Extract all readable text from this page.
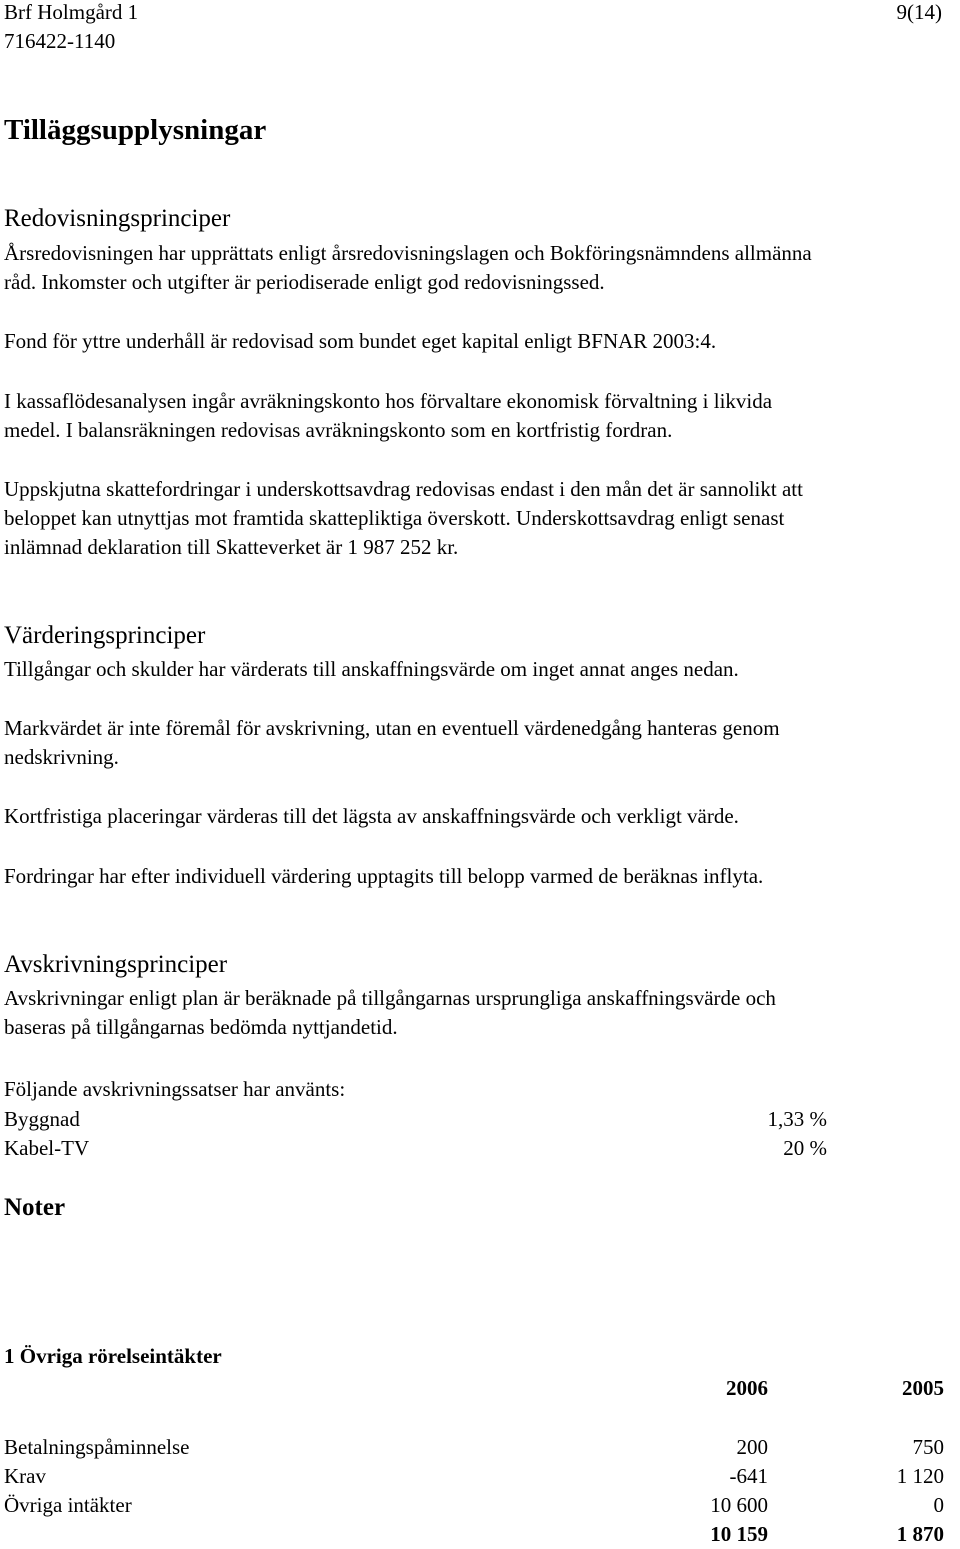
Brf Holmgård 1
716422-1140
9(14)
Tilläggsupplysningar
Redovisningsprinciper
Årsredovisningen har upprättats enligt årsredovisningslagen och Bokföringsnämndens allmänna
råd. Inkomster och utgifter är periodiserade enligt god redovisningssed.
Fond för yttre underhåll är redovisad som bundet eget kapital enligt BFNAR 2003:4.
I kassaflödesanalysen ingår avräkningskonto hos förvaltare ekonomisk förvaltning i likvida
medel. I balansräkningen redovisas avräkningskonto som en kortfristig fordran.
Uppskjutna skattefordringar i underskottsavdrag redovisas endast i den mån det är sannolikt att
beloppet kan utnyttjas mot framtida skattepliktiga överskott. Underskottsavdrag enligt senast
inlämnad deklaration till Skatteverket är 1 987 252 kr.
Värderingsprinciper
Tillgångar och skulder har värderats till anskaffningsvärde om inget annat anges nedan.
Markvärdet är inte föremål för avskrivning, utan en eventuell värdenedgång hanteras genom
nedskrivning.
Kortfristiga placeringar värderas till det lägsta av anskaffningsvärde och verkligt värde.
Fordringar har efter individuell värdering upptagits till belopp varmed de beräknas inflyta.
Avskrivningsprinciper
Avskrivningar enligt plan är beräknade på tillgångarnas ursprungliga anskaffningsvärde och
baseras på tillgångarnas bedömda nyttjandetid.
Följande avskrivningssatser har använts:
Byggnad	1,33 %
Kabel-TV	20 %
Noter
1 Övriga rörelseintäkter
2006	2005
Betalningspåminnelse	200	750
Krav	-641	1 120
Övriga intäkter	10 600	0
10 159	1 870
